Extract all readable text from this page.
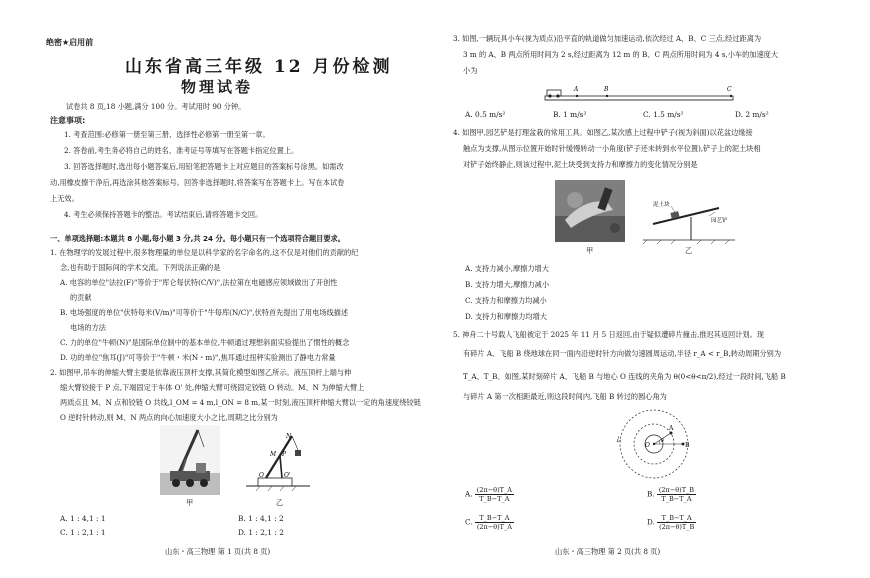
绝密★启用前
山东省高三年级 12 月份检测
物理试卷
试卷共 8 页,18 小题,满分 100 分。考试用时 90 分钟。
注意事项:
1. 考查范围:必修第一册至第三册、选择性必修第一册至第一章。
2. 答卷前,考生务必将自己的姓名、准考证号等填写在答题卡指定位置上。
3. 回答选择题时,选出每小题答案后,用铅笔把答题卡上对应题目的答案标号涂黑。如需改
动,用橡皮擦干净后,再选涂其他答案标号。回答非选择题时,将答案写在答题卡上。写在本试卷
上无效。
4. 考生必须保持答题卡的整洁。考试结束后,请将答题卡交回。
一、单项选择题:本题共 8 小题,每小题 3 分,共 24 分。每小题只有一个选项符合题目要求。
1. 在物理学的发展过程中,很多物理量的单位是以科学家的名字命名的,这不仅是对他们的贡献的纪
念,也有助于国际间的学术交流。下列说法正确的是
A. 电容的单位"法拉(F)"等价于"库仑每伏特(C/V)",法拉第在电磁感应领域做出了开创性
的贡献
B. 电场强度的单位"伏特每米(V/m)"可等价于"牛每库(N/C)",伏特首先提出了用电场线描述
电场的方法
C. 力的单位"牛顿(N)"是国际单位制中的基本单位,牛顿通过理想斜面实验提出了惯性的概念
D. 功的单位"焦耳(J)"可等价于"牛顿・米(N・m)",焦耳通过扭秤实验测出了静电力常量
2. 如图甲,吊车的伸缩大臂主要是依靠液压顶杆支撑,其简化模型如图乙所示。液压顶杆上端与伸
缩大臂铰接于 P 点,下端固定于车体 O' 处,伸缩大臂可绕固定铰链 O 转动。M、N 为伸缩大臂上
两质点且 M、N 点和铰链 O 共线,l_OM = 4 m,l_ON = 8 m,某一时刻,液压顶杆伸缩大臂以一定的角速度绕铰链
O 逆时针转动,则 M、N 两点的向心加速度大小之比,周期之比分别为
甲
N
M P
O	O'
乙
A. 1 : 4,1 : 1	B. 1 : 4,1 : 2
C. 1 : 2,1 : 1	D. 1 : 2,1 : 2
山东・高三物理 第 1 页(共 8 页)
3. 如图,一辆玩具小车(视为质点)沿平直的轨道做匀加速运动,依次经过 A、B、C 三点,经过距离为
3 m 的 A、B 两点所用时间为 2 s,经过距离为 12 m 的 B、C 两点所用时间为 4 s,小车的加速度大
小为
A	B	C
A. 0.5 m/s²	B. 1 m/s²	C. 1.5 m/s²	D. 2 m/s²
4. 如图甲,园艺铲是打理盆栽的常用工具。如图乙,某次感上过程中铲子(视为斜面)以花盆边缘接
触点为支撑,从图示位置开始时针缓慢转动一小角度(铲子还未转到水平位置),铲子上的泥土块相
对铲子始终静止,则该过程中,泥土块受到支持力和摩擦力的变化情况分别是
甲
泥土块
园艺铲
乙
A. 支持力减小,摩擦力增大
B. 支持力增大,摩擦力减小
C. 支持力和摩擦力均减小
D. 支持力和摩擦力均增大
5. 神舟二十号载人飞船被定于 2025 年 11 月 5 日返回,由于疑似遭碎片撞击,推迟其返回计划。现
有碎片 A、飞船 B 绕地球在同一面内沿逆时针方向做匀速圆周运动,半径 r_A < r_B,转动周期分别为
T_A、T_B。如图,某时刻碎片 A、飞船 B 与地心 O 连线的夹角为 θ(0<θ<π/2),经过一段时间,飞船 B
与碎片 A 第一次相距最近,则这段时间内,飞船 B 转过的圆心角为
O
A
B
θ
A. $\frac{(2\pi-\theta)T\_A}{T\_B-T\_A}$	B. $\frac{(2\pi-\theta)T\_B}{T\_B-T\_A}$
C. $\frac{T\_B-T\_A}{(2\pi-\theta)T\_A}$	D. $\frac{T\_B-T\_A}{(2\pi-\theta)T\_B}$
山东・高三物理 第 2 页(共 8 页)
